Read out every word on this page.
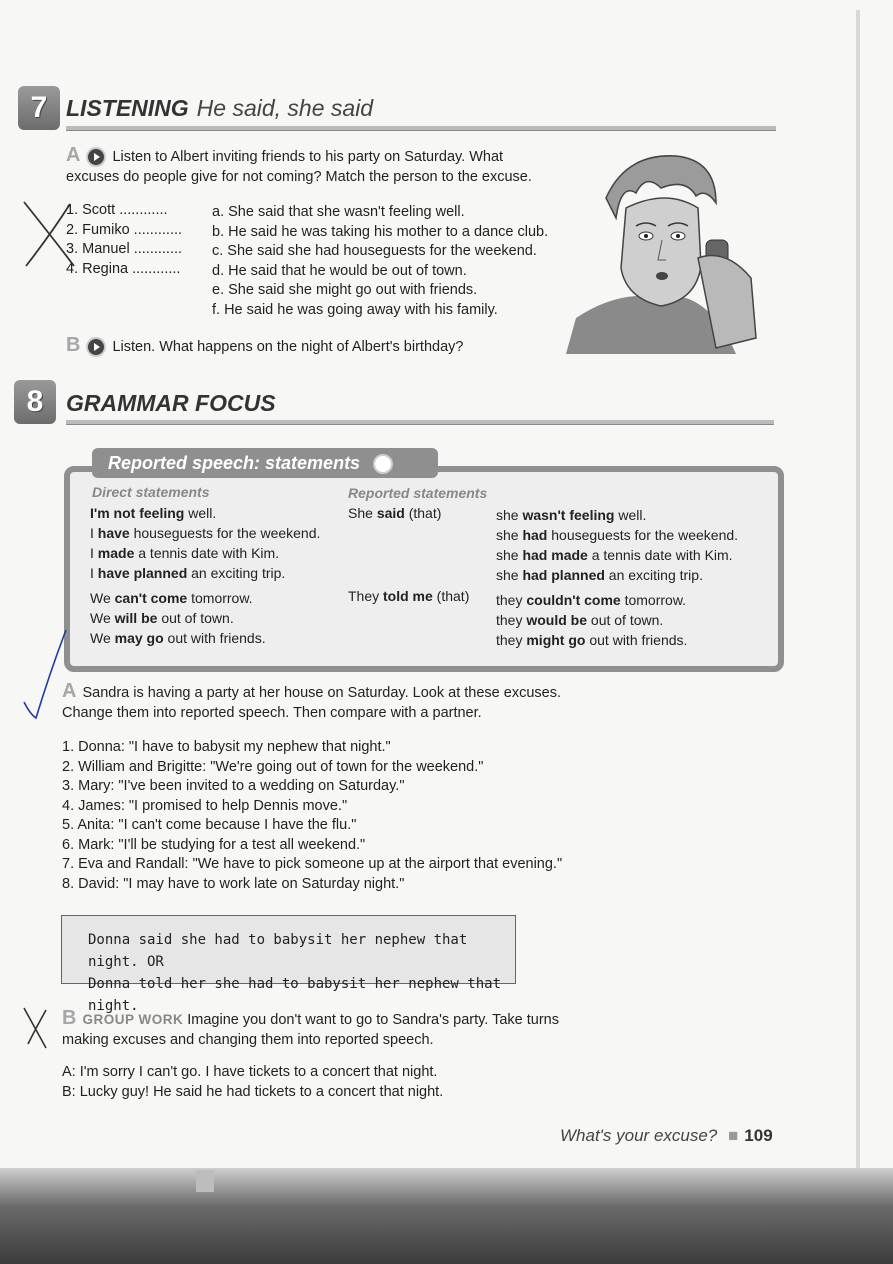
7 LISTENING He said, she said
A Listen to Albert inviting friends to his party on Saturday. What
excuses do people give for not coming? Match the person to the excuse.
1. Scott ............
2. Fumiko ............
3. Manuel ............
4. Regina ............
a. She said that she wasn't feeling well.
b. He said he was taking his mother to a dance club.
c. She said she had houseguests for the weekend.
d. He said that he would be out of town.
e. She said she might go out with friends.
f. He said he was going away with his family.
B Listen. What happens on the night of Albert's birthday?
8 GRAMMAR FOCUS
Reported speech: statements
Direct statements	Reported statements
I'm not feeling well.
I have houseguests for the weekend.
I made a tennis date with Kim.
I have planned an exciting trip.
We can't come tomorrow.
We will be out of town.
We may go out with friends.
She said (that)
They told me (that)
she wasn't feeling well.
she had houseguests for the weekend.
she had made a tennis date with Kim.
she had planned an exciting trip.
they couldn't come tomorrow.
they would be out of town.
they might go out with friends.
A Sandra is having a party at her house on Saturday. Look at these excuses.
Change them into reported speech. Then compare with a partner.
1. Donna: "I have to babysit my nephew that night."
2. William and Brigitte: "We're going out of town for the weekend."
3. Mary: "I've been invited to a wedding on Saturday."
4. James: "I promised to help Dennis move."
5. Anita: "I can't come because I have the flu."
6. Mark: "I'll be studying for a test all weekend."
7. Eva and Randall: "We have to pick someone up at the airport that evening."
8. David: "I may have to work late on Saturday night."
Donna said she had to babysit her nephew that night. OR
Donna told her she had to babysit her nephew that night.
B GROUP WORK Imagine you don't want to go to Sandra's party. Take turns
making excuses and changing them into reported speech.
A: I'm sorry I can't go. I have tickets to a concert that night.
B: Lucky guy! He said he had tickets to a concert that night.
What's your excuse? ■ 109
